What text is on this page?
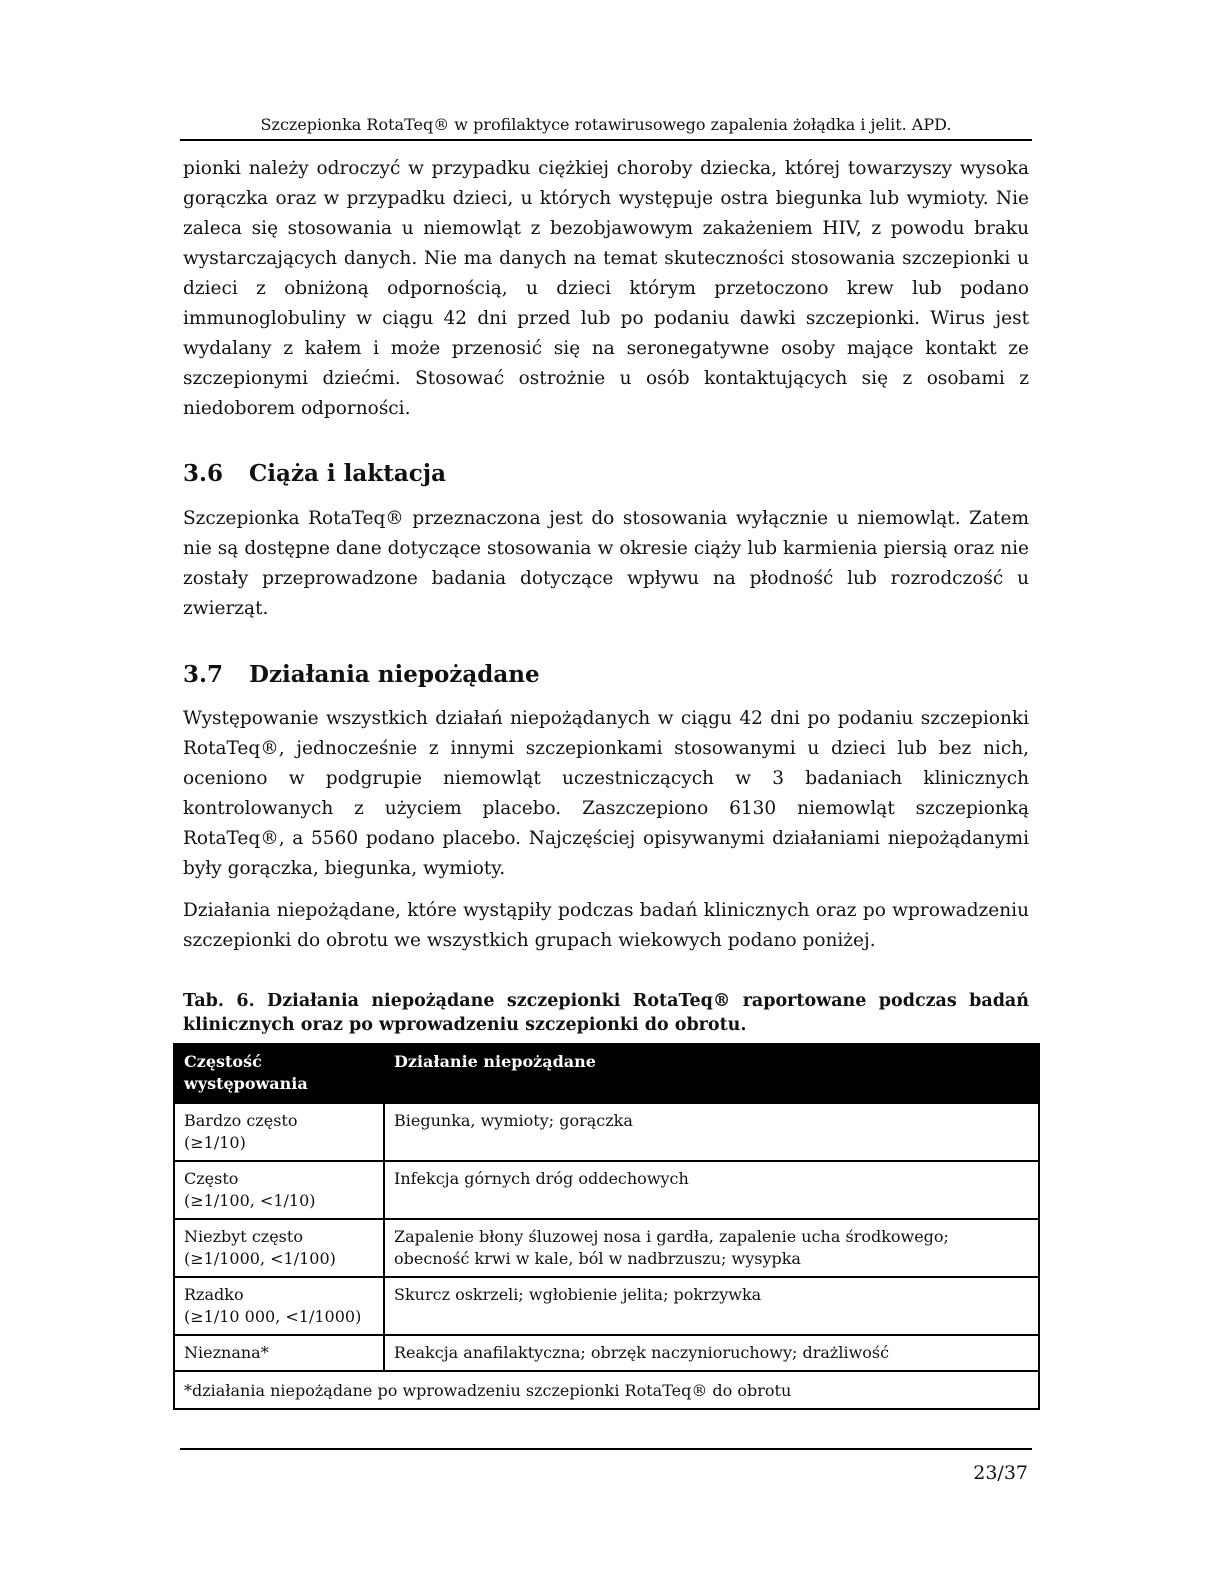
Szczepionka RotaTeq® w profilaktyce rotawirusowego zapalenia żołądka i jelit. APD.

pionki należy odroczyć w przypadku ciężkiej choroby dziecka, której towarzyszy wysoka gorączka oraz w przypadku dzieci, u których występuje ostra biegunka lub wymioty. Nie zaleca się stosowania u niemowląt z bezobjawowym zakażeniem HIV, z powodu braku wystarczających danych. Nie ma danych na temat skuteczności stosowania szczepionki u dzieci z obniżoną odpornością, u dzieci którym przetoczono krew lub podano immunoglobuliny w ciągu 42 dni przed lub po podaniu dawki szczepionki. Wirus jest wydalany z kałem i może przenosić się na seronegatywne osoby mające kontakt ze szczepionymi dziećmi. Stosować ostrożnie u osób kontaktujących się z osobami z niedoborem odporności.

3.6 Ciąża i laktacja

Szczepionka RotaTeq® przeznaczona jest do stosowania wyłącznie u niemowląt. Zatem nie są dostępne dane dotyczące stosowania w okresie ciąży lub karmienia piersią oraz nie zostały przeprowadzone badania dotyczące wpływu na płodność lub rozrodczość u zwierząt.

3.7 Działania niepożądane

Występowanie wszystkich działań niepożądanych w ciągu 42 dni po podaniu szczepionki RotaTeq®, jednocześnie z innymi szczepionkami stosowanymi u dzieci lub bez nich, oceniono w podgrupie niemowląt uczestniczących w 3 badaniach klinicznych kontrolowanych z użyciem placebo. Zaszczepiono 6130 niemowląt szczepionką RotaTeq®, a 5560 podano placebo. Najczęściej opisywanymi działaniami niepożądanymi były gorączka, biegunka, wymioty.

Działania niepożądane, które wystąpiły podczas badań klinicznych oraz po wprowadzeniu szczepionki do obrotu we wszystkich grupach wiekowych podano poniżej.

Tab. 6. Działania niepożądane szczepionki RotaTeq® raportowane podczas badań klinicznych oraz po wprowadzeniu szczepionki do obrotu.

Częstość występowania	Działanie niepożądane
Bardzo często
(≥1/10)	Biegunka, wymioty; gorączka
Często
(≥1/100, <1/10)	Infekcja górnych dróg oddechowych
Niezbyt często
(≥1/1000, <1/100)	Zapalenie błony śluzowej nosa i gardła, zapalenie ucha środkowego; obecność krwi w kale, ból w nadbrzuszu; wysypka
Rzadko
(≥1/10 000, <1/1000)	Skurcz oskrzeli; wgłobienie jelita; pokrzywka
Nieznana*	Reakcja anafilaktyczna; obrzęk naczynioruchowy; drażliwość
*działania niepożądane po wprowadzeniu szczepionki RotaTeq® do obrotu	
23/37
